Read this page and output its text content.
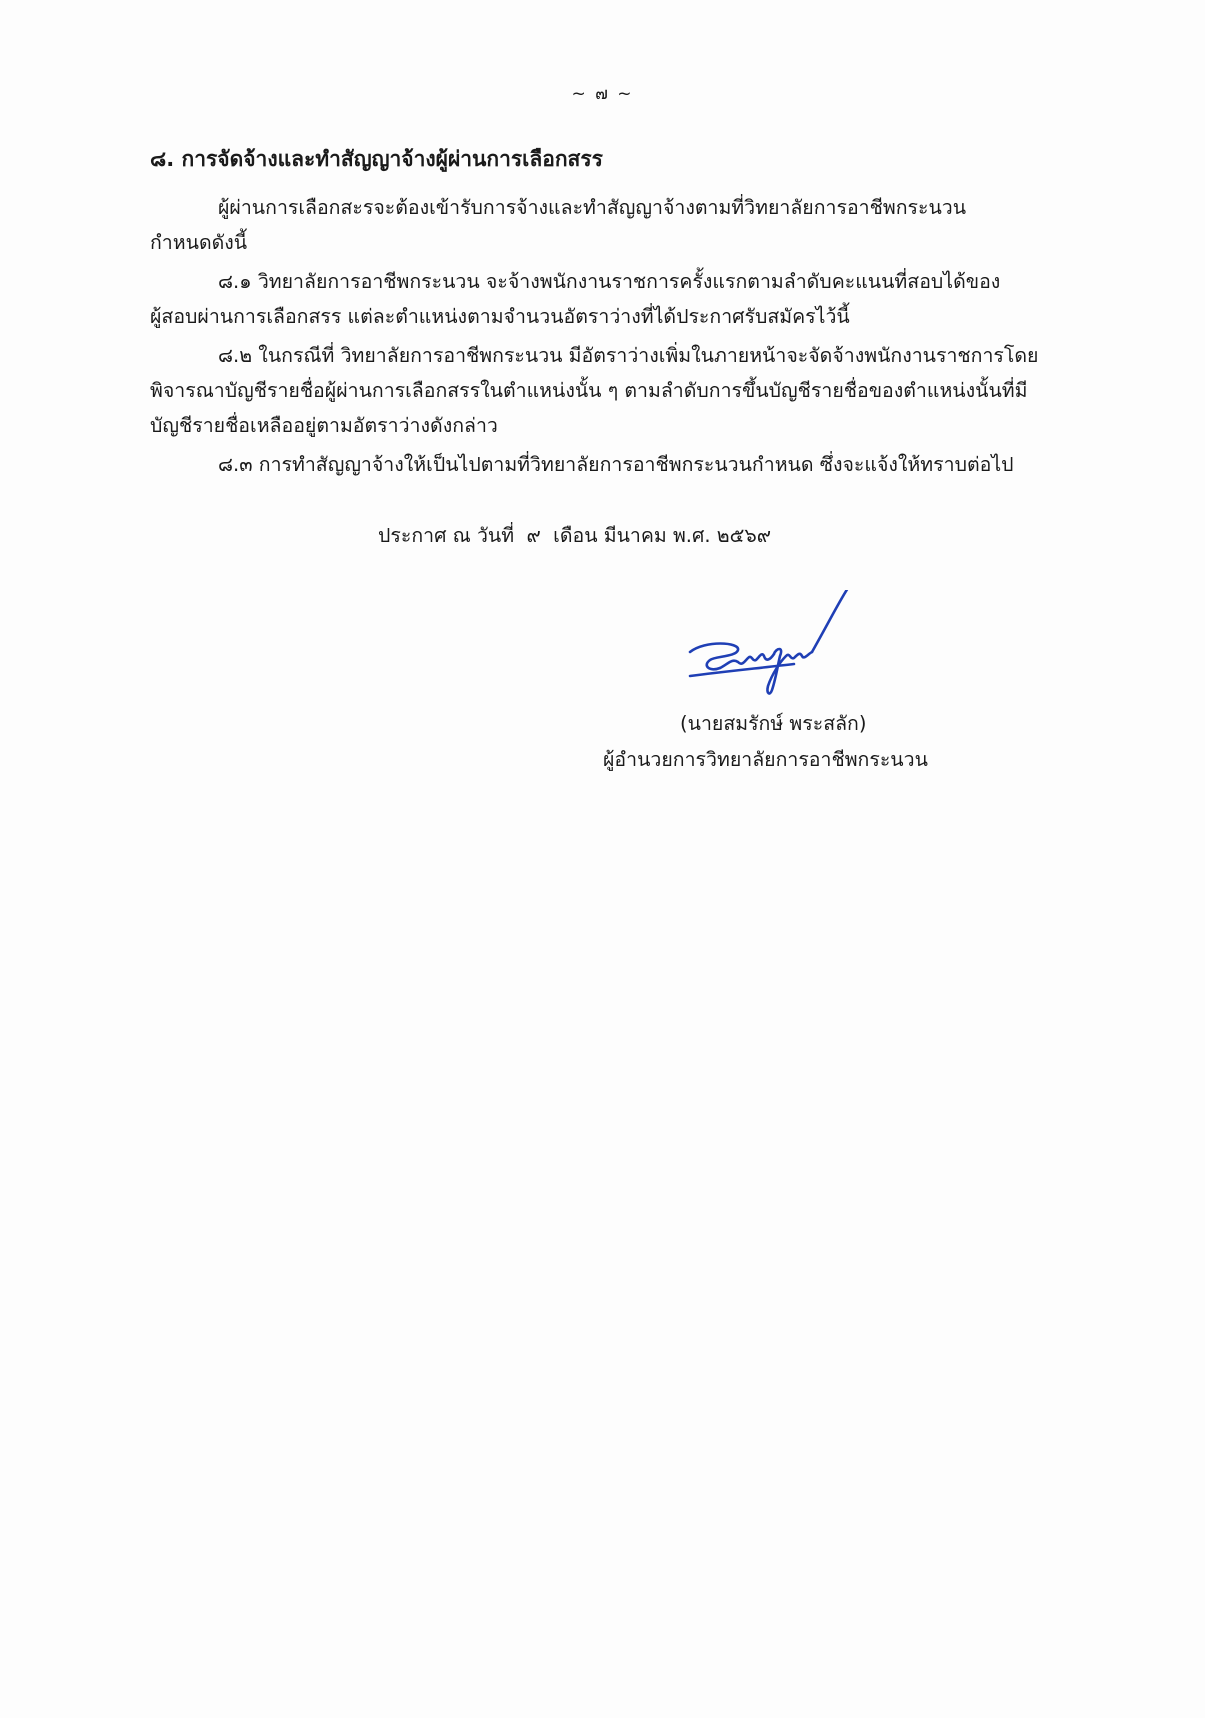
~ ๗ ~
๘. การจัดจ้างและทำสัญญาจ้างผู้ผ่านการเลือกสรร
ผู้ผ่านการเลือกสะรจะต้องเข้ารับการจ้างและทำสัญญาจ้างตามที่วิทยาลัยการอาชีพกระนวน
กำหนดดังนี้
๘.๑ วิทยาลัยการอาชีพกระนวน จะจ้างพนักงานราชการครั้งแรกตามลำดับคะแนนที่สอบได้ของ
ผู้สอบผ่านการเลือกสรร แต่ละตำแหน่งตามจำนวนอัตราว่างที่ได้ประกาศรับสมัครไว้นี้
๘.๒ ในกรณีที่ วิทยาลัยการอาชีพกระนวน มีอัตราว่างเพิ่มในภายหน้าจะจัดจ้างพนักงานราชการโดย
พิจารณาบัญชีรายชื่อผู้ผ่านการเลือกสรรในตำแหน่งนั้น ๆ ตามลำดับการขึ้นบัญชีรายชื่อของตำแหน่งนั้นที่มี
บัญชีรายชื่อเหลืออยู่ตามอัตราว่างดังกล่าว
๘.๓ การทำสัญญาจ้างให้เป็นไปตามที่วิทยาลัยการอาชีพกระนวนกำหนด ซึ่งจะแจ้งให้ทราบต่อไป
ประกาศ ณ วันที่  ๙  เดือน มีนาคม พ.ศ. ๒๕๖๙
(นายสมรักษ์ พระสลัก)
ผู้อำนวยการวิทยาลัยการอาชีพกระนวน
